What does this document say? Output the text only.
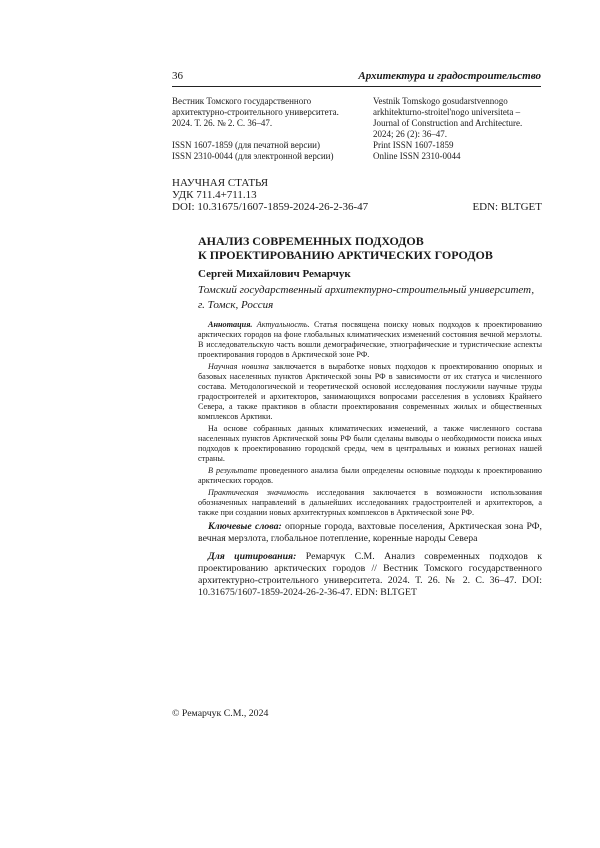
36	Архитектура и градостроительство
Вестник Томского государственного
архитектурно-строительного университета.
2024. Т. 26. № 2. С. 36–47.
ISSN 1607-1859 (для печатной версии)
ISSN 2310-0044 (для электронной версии)
Vestnik Tomskogo gosudarstvennogo
arkhitekturno-stroitel'nogo universiteta –
Journal of Construction and Architecture.
2024; 26 (2): 36–47.
Print ISSN 1607-1859
Online ISSN 2310-0044
НАУЧНАЯ СТАТЬЯ
УДК 711.4+711.13
DOI: 10.31675/1607-1859-2024-26-2-36-47	EDN: BLTGET
АНАЛИЗ СОВРЕМЕННЫХ ПОДХОДОВ
К ПРОЕКТИРОВАНИЮ АРКТИЧЕСКИХ ГОРОДОВ
Сергей Михайлович Ремарчук
Томский государственный архитектурно-строительный университет, г. Томск, Россия

Аннотация. Актуальность. Статья посвящена поиску новых подходов к проектированию арктических городов на фоне глобальных климатических изменений состояния вечной мерзлоты. В исследовательскую часть вошли демографические, этнографические и туристические аспекты проектирования городов в Арктической зоне РФ.

Научная новизна заключается в выработке новых подходов к проектированию опорных и базовых населенных пунктов Арктической зоны РФ в зависимости от их статуса и численного состава. Методологической и теоретической основой исследования послужили научные труды градостроителей и архитекторов, занимающихся вопросами расселения в условиях Крайнего Севера, а также практиков в области проектирования современных жилых и общественных комплексов Арктики.

На основе собранных данных климатических изменений, а также численного состава населенных пунктов Арктической зоны РФ были сделаны выводы о необходимости поиска иных подходов к проектированию городской среды, чем в центральных и южных регионах нашей страны.

В результате проведенного анализа были определены основные подходы к проектированию арктических городов.

Практическая значимость исследования заключается в возможности использования обозначенных направлений в дальнейших исследованиях градостроителей и архитекторов, а также при создании новых архитектурных комплексов в Арктической зоне РФ.

Ключевые слова: опорные города, вахтовые поселения, Арктическая зона РФ, вечная мерзлота, глобальное потепление, коренные народы Севера
Для цитирования: Ремарчук С.М. Анализ современных подходов к проектированию арктических городов // Вестник Томского государственного архитектурно-строительного университета. 2024. Т. 26. № 2. С. 36–47. DOI: 10.31675/1607-1859-2024-26-2-36-47. EDN: BLTGET
© Ремарчук С.М., 2024
